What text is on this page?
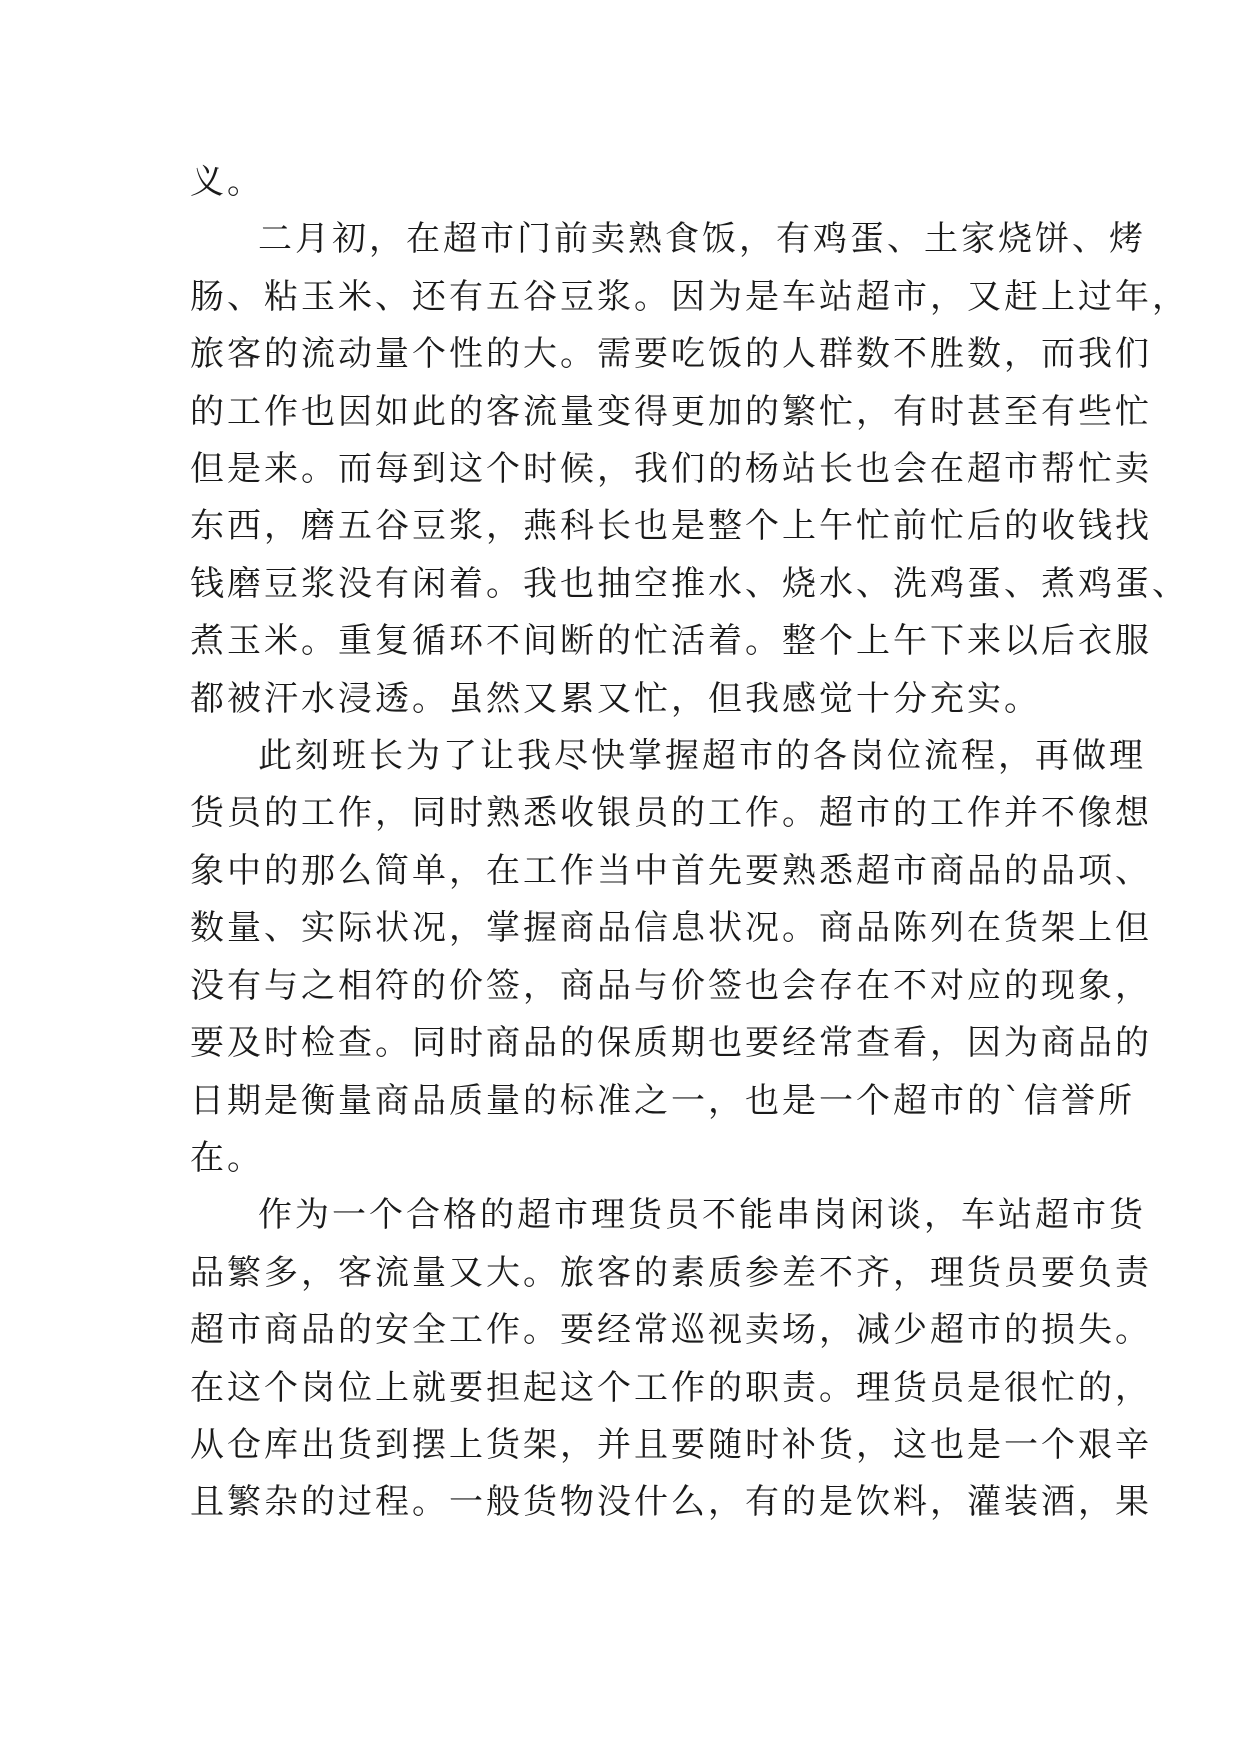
义。

二月初，在超市门前卖熟食饭，有鸡蛋、土家烧饼、烤
肠、粘玉米、还有五谷豆浆。因为是车站超市，又赶上过年，
旅客的流动量个性的大。需要吃饭的人群数不胜数，而我们
的工作也因如此的客流量变得更加的繁忙，有时甚至有些忙
但是来。而每到这个时候，我们的杨站长也会在超市帮忙卖
东西，磨五谷豆浆，燕科长也是整个上午忙前忙后的收钱找
钱磨豆浆没有闲着。我也抽空推水、烧水、洗鸡蛋、煮鸡蛋、
煮玉米。重复循环不间断的忙活着。整个上午下来以后衣服
都被汗水浸透。虽然又累又忙，但我感觉十分充实。

此刻班长为了让我尽快掌握超市的各岗位流程，再做理
货员的工作，同时熟悉收银员的工作。超市的工作并不像想
象中的那么简单，在工作当中首先要熟悉超市商品的品项、
数量、实际状况，掌握商品信息状况。商品陈列在货架上但
没有与之相符的价签，商品与价签也会存在不对应的现象，
要及时检查。同时商品的保质期也要经常查看，因为商品的
日期是衡量商品质量的标准之一，也是一个超市的`信誉所
在。

作为一个合格的超市理货员不能串岗闲谈，车站超市货
品繁多，客流量又大。旅客的素质参差不齐，理货员要负责
超市商品的安全工作。要经常巡视卖场，减少超市的损失。
在这个岗位上就要担起这个工作的职责。理货员是很忙的，
从仓库出货到摆上货架，并且要随时补货，这也是一个艰辛
且繁杂的过程。一般货物没什么，有的是饮料，灌装酒，果
